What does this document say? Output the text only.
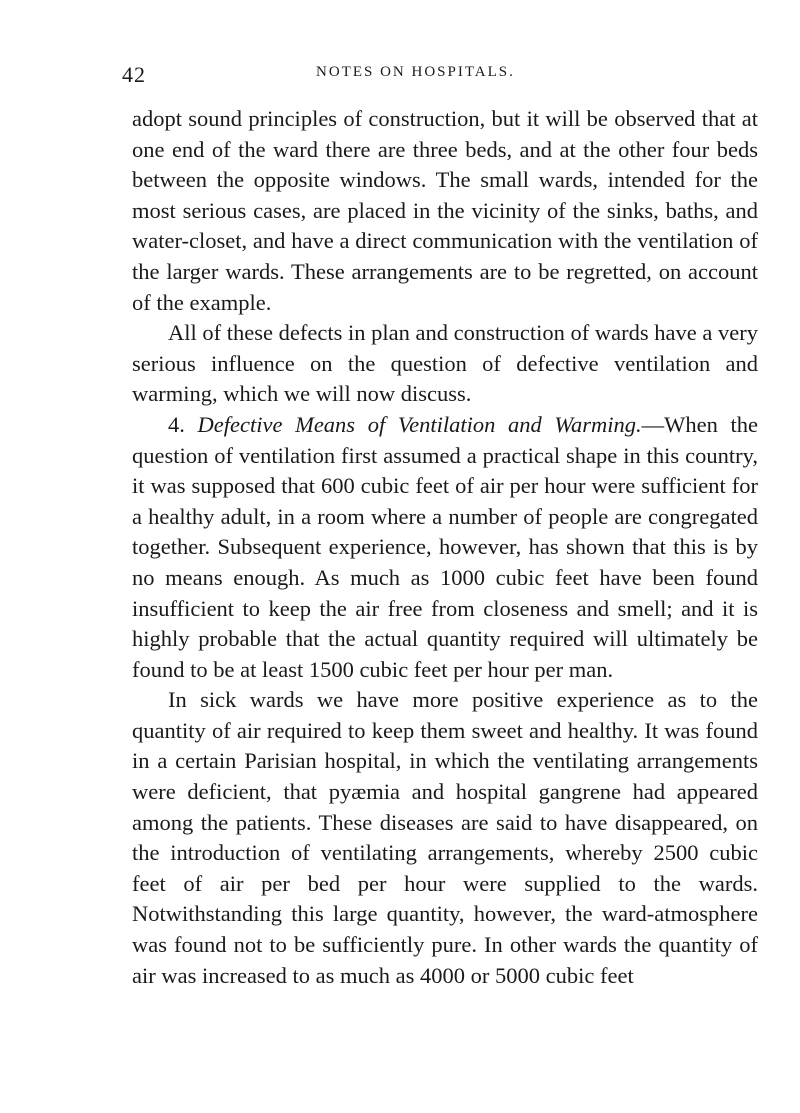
42	NOTES ON HOSPITALS.

adopt sound principles of construction, but it will be observed that at one end of the ward there are three beds, and at the other four beds between the opposite windows. The small wards, intended for the most serious cases, are placed in the vicinity of the sinks, baths, and water-closet, and have a direct communication with the ventilation of the larger wards. These arrangements are to be regretted, on account of the example.

All of these defects in plan and construction of wards have a very serious influence on the question of defective ventilation and warming, which we will now discuss.

4. Defective Means of Ventilation and Warming.—When the question of ventilation first assumed a practical shape in this country, it was supposed that 600 cubic feet of air per hour were sufficient for a healthy adult, in a room where a number of people are congregated together. Subsequent experience, however, has shown that this is by no means enough. As much as 1000 cubic feet have been found insufficient to keep the air free from closeness and smell; and it is highly probable that the actual quantity required will ultimately be found to be at least 1500 cubic feet per hour per man.

In sick wards we have more positive experience as to the quantity of air required to keep them sweet and healthy. It was found in a certain Parisian hospital, in which the ventilating arrangements were deficient, that pyæmia and hospital gangrene had appeared among the patients. These diseases are said to have disappeared, on the introduction of ventilating arrangements, whereby 2500 cubic feet of air per bed per hour were supplied to the wards. Notwithstanding this large quantity, however, the ward-atmosphere was found not to be sufficiently pure. In other wards the quantity of air was increased to as much as 4000 or 5000 cubic feet
